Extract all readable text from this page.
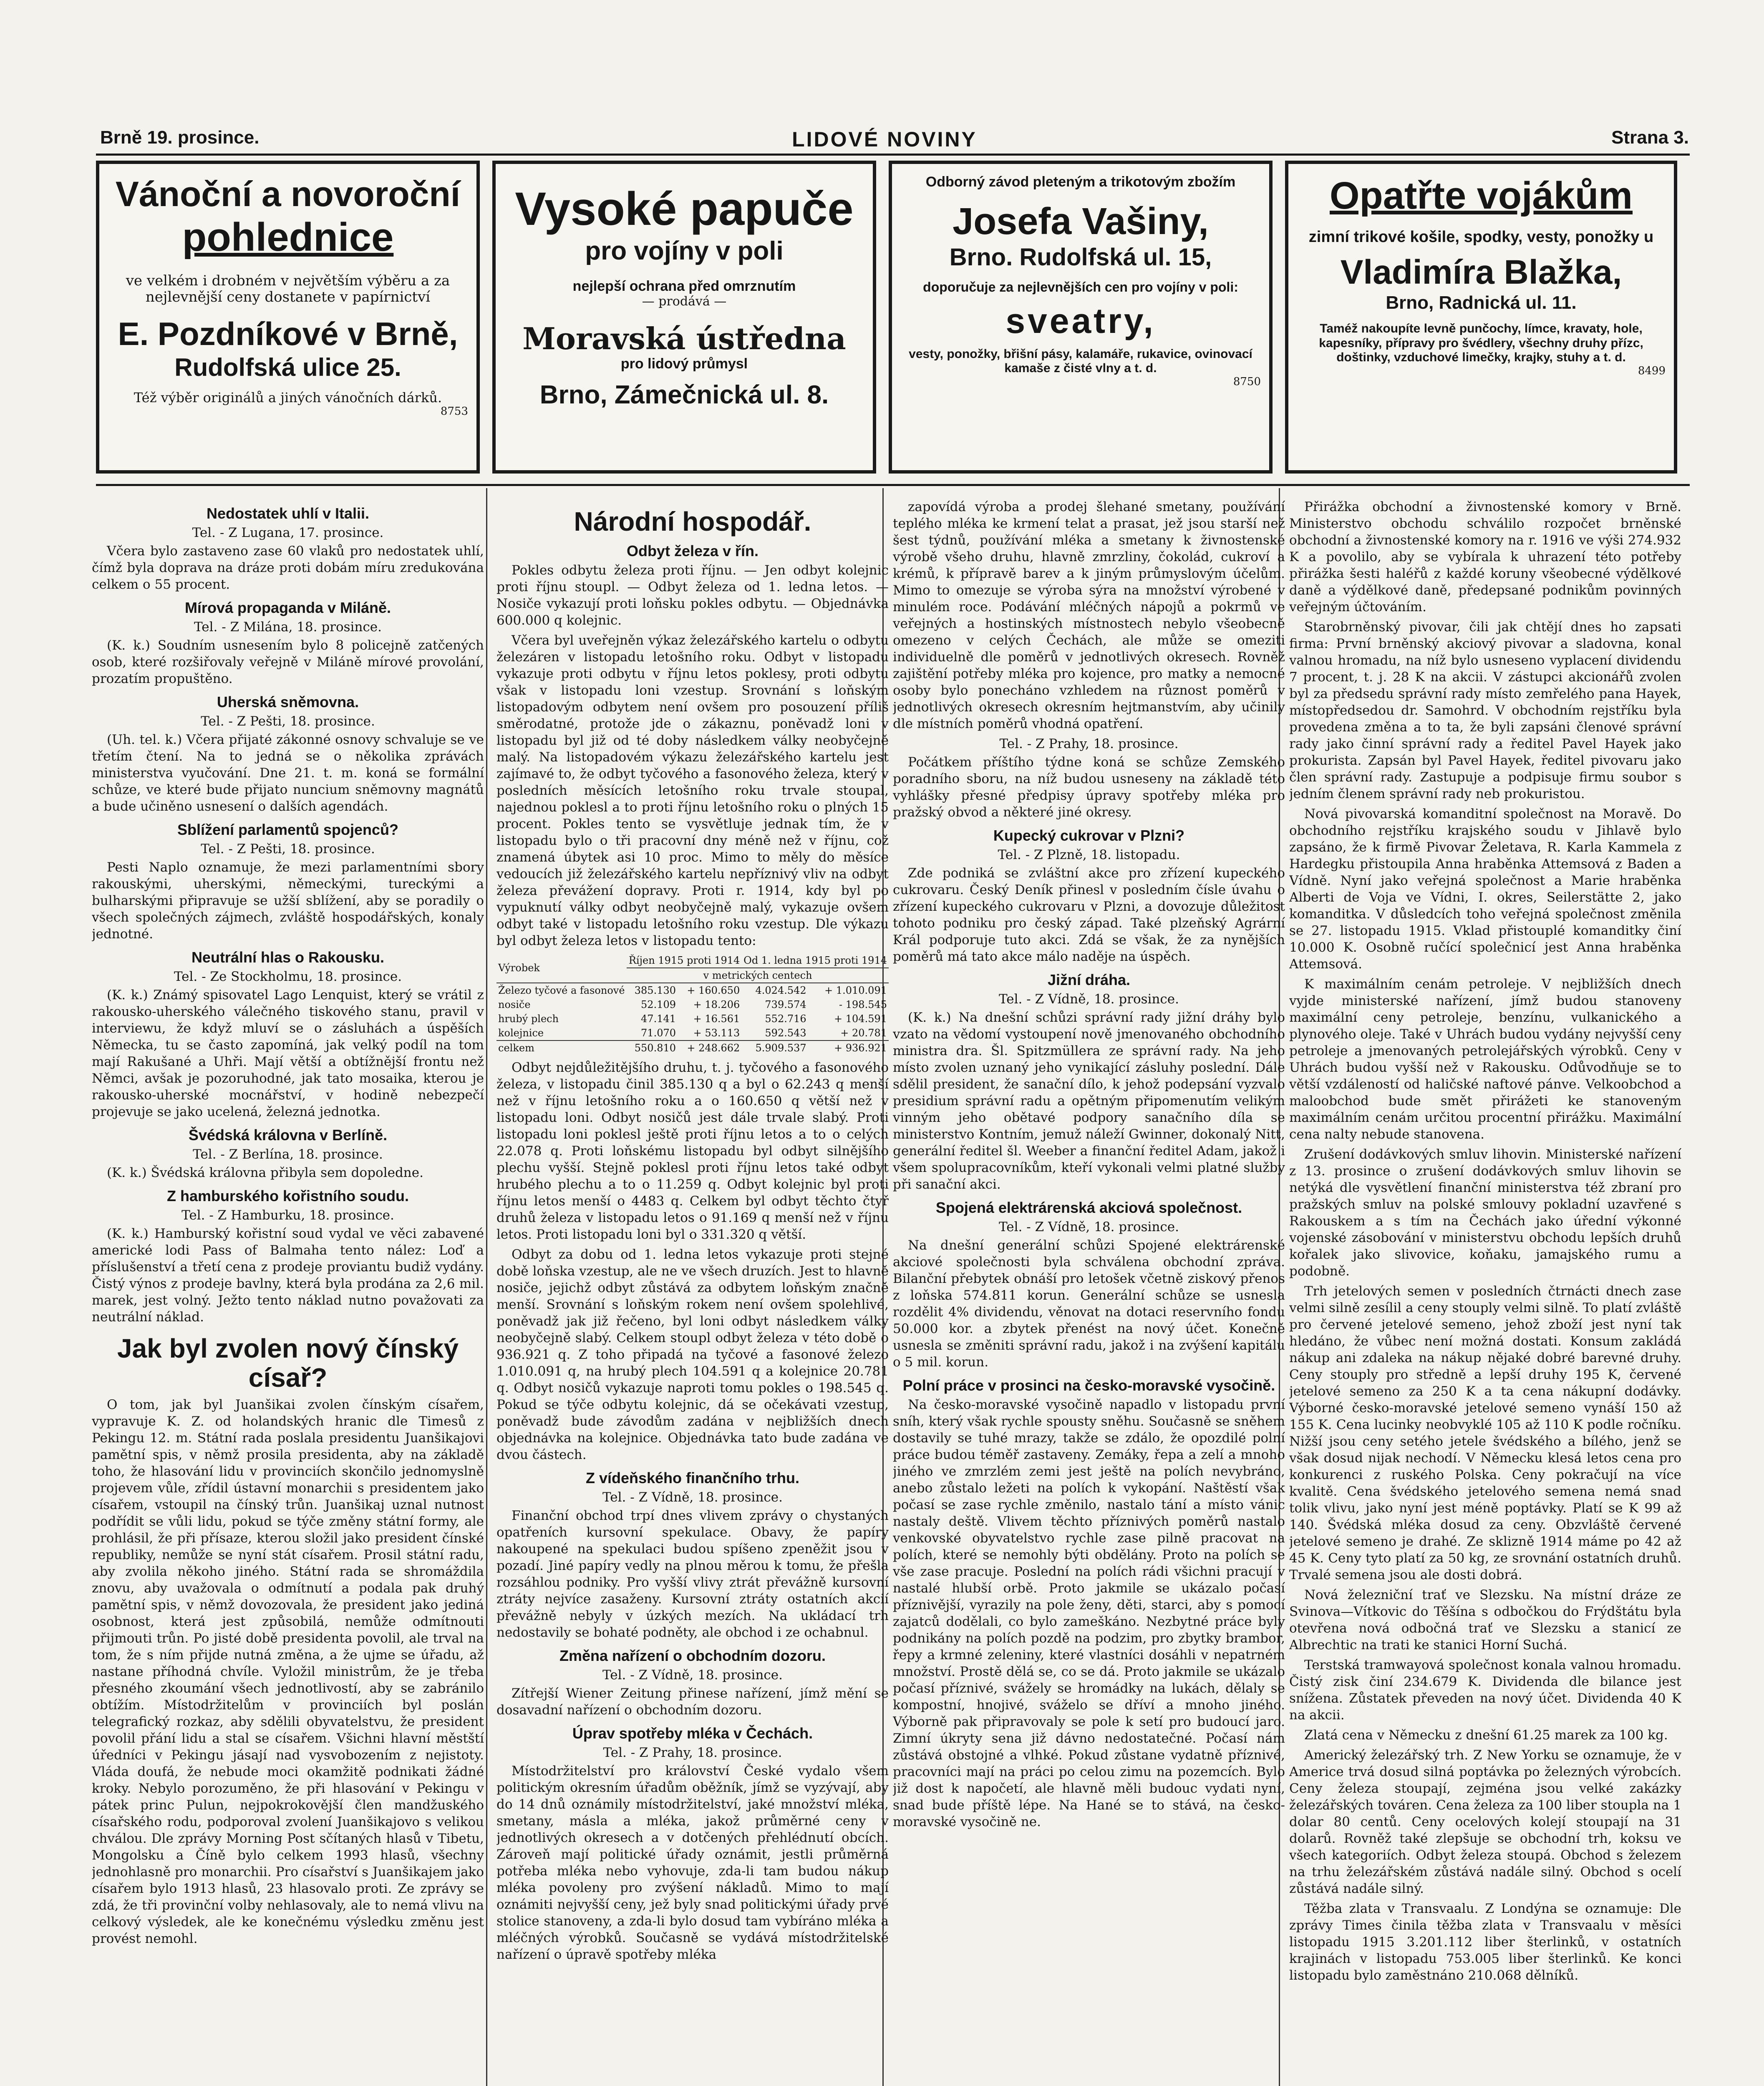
Brně 19. prosince.	LIDOVÉ NOVINY	Strana 3.
Vánoční a novoroční
pohlednice
ve velkém i drobném v největším výběru a za nejlevnější ceny dostanete v papírnictví
E. Pozdníkové v Brně,
Rudolfská ulice 25.
Též výběr originálů a jiných vánočních dárků.
8753
Vysoké papuče
pro vojíny v poli
nejlepší ochrana před omrznutím
— prodává —
Moravská ústředna
pro lidový průmysl
Brno, Zámečnická ul. 8.
Odborný závod pleteným a trikotovým zbožím
Josefa Vašiny,
Brno. Rudolfská ul. 15,
doporučuje za nejlevnějších cen pro vojíny v poli:
sveatry,
vesty, ponožky, břišní pásy, kalamáře, rukavice, ovinovací kamaše z čisté vlny a t. d.
8750
Opatřte vojákům
zimní trikové košile, spodky, vesty, ponožky u
Vladimíra Blažka,
Brno, Radnická ul. 11.
Taméž nakoupíte levně punčochy, límce, kravaty, hole, kapesníky, přípravy pro švédlery, všechny druhy přízc, doštinky, vzduchové limečky, krajky, stuhy a t. d.
8499
Nedostatek uhlí v Italii.
Tel. - Z Lugana, 17. prosince.

Včera bylo zastaveno zase 60 vlaků pro nedostatek uhlí, čímž byla doprava na dráze proti dobám míru zredukována celkem o 55 procent.

Mírová propaganda v Miláně.
Tel. - Z Milána, 18. prosince.

(K. k.) Soudním usnesením bylo 8 policejně zatčených osob, které rozšiřovaly veřejně v Miláně mírové provolání, prozatím propuštěno.

Uherská sněmovna.
Tel. - Z Pešti, 18. prosince.

(Uh. tel. k.) Včera přijaté zákonné osnovy schvaluje se ve třetím čtení. Na to jedná se o několika zprávách ministerstva vyučování. Dne 21. t. m. koná se formální schůze, ve které bude přijato nuncium sněmovny magnátů a bude učiněno usnesení o dalších agendách.

Sblížení parlamentů spojenců?
Tel. - Z Pešti, 18. prosince.

Pesti Naplo oznamuje, že mezi parlamentními sbory rakouskými, uherskými, německými, tureckými a bulharskými připravuje se užší sblížení, aby se poradily o všech společných zájmech, zvláště hospodářských, konaly jednotné.

Neutrální hlas o Rakousku.
Tel. - Ze Stockholmu, 18. prosince.

(K. k.) Známý spisovatel Lago Lenquist, který se vrátil z rakousko-uherského válečného tiskového stanu, pravil v interviewu, že když mluví se o zásluhách a úspěších Německa, tu se často zapomíná, jak velký podíl na tom mají Rakušané a Uhři. Mají větší a obtížnější frontu než Němci, avšak je pozoruhodné, jak tato mosaika, kterou je rakousko-uherské mocnářství, v hodině nebezpečí projevuje se jako ucelená, železná jednotka.

Švédská královna v Berlíně.
Tel. - Z Berlína, 18. prosince.

(K. k.) Švédská královna přibyla sem dopoledne.

Z hamburského kořistního soudu.
Tel. - Z Hamburku, 18. prosince.

(K. k.) Hamburský kořistní soud vydal ve věci zabavené americké lodi Pass of Balmaha tento nález: Loď a příslušenství a třetí cena z prodeje proviantu budiž vydány. Čistý výnos z prodeje bavlny, která byla prodána za 2,6 mil. marek, jest volný. Ježto tento náklad nutno považovati za neutrální náklad.

Jak byl zvolen nový čínský císař?

O tom, jak byl Juanšikai zvolen čínským císařem, vypravuje K. Z. od holandských hranic dle Timesů z Pekingu 12. m. Státní rada poslala presidentu Juanšikajovi pamětní spis, v němž prosila presidenta, aby na základě toho, že hlasování lidu v provinciích skončilo jednomyslně projevem vůle, zřídil ústavní monarchii s presidentem jako císařem, vstoupil na čínský trůn. Juanšikaj uznal nutnost podřídit se vůli lidu, pokud se týče změny státní formy, ale prohlásil, že při přísaze, kterou složil jako president čínské republiky, nemůže se nyní stát císařem. Prosil státní radu, aby zvolila někoho jiného. Státní rada se shromáždila znovu, aby uvažovala o odmítnutí a podala pak druhý pamětní spis, v němž dovozovala, že president jako jediná osobnost, která jest způsobilá, nemůže odmítnouti přijmouti trůn. Po jisté době presidenta povolil, ale trval na tom, že s ním přijde nutná změna, a že ujme se úřadu, až nastane příhodná chvíle. Vyložil ministrům, že je třeba přesného zkoumání všech jednotlivostí, aby se zabránilo obtížím. Místodržitelům v provinciích byl poslán telegrafický rozkaz, aby sdělili obyvatelstvu, že president povolil přání lidu a stal se císařem. Všichni hlavní městští úředníci v Pekingu jásají nad vysvobozením z nejistoty. Vláda doufá, že nebude moci okamžitě podnikati žádné kroky. Nebylo porozuměno, že při hlasování v Pekingu v pátek princ Pulun, nejpokrokovější člen mandžuského císařského rodu, podporoval zvolení Juanšikajovo s velikou chválou. Dle zprávy Morning Post sčítaných hlasů v Tibetu, Mongolsku a Číně bylo celkem 1993 hlasů, všechny jednohlasně pro monarchii. Pro císařství s Juanšikajem jako císařem bylo 1913 hlasů, 23 hlasovalo proti. Ze zprávy se zdá, že tři provinční volby nehlasovaly, ale to nemá vlivu na celkový výsledek, ale ke konečnému výsledku změnu jest provést nemohl.

Národní hospodář.
Odbyt železa v řín.

Pokles odbytu železa proti říjnu. — Jen odbyt kolejnic proti říjnu stoupl. — Odbyt železa od 1. ledna letos. — Nosiče vykazují proti loňsku pokles odbytu. — Objednávka 600.000 q kolejnic.

Včera byl uveřejněn výkaz železářského kartelu o odbytu železáren v listopadu letošního roku. Odbyt v listopadu vykazuje proti odbytu v říjnu letos poklesy, proti odbytu však v listopadu loni vzestup. Srovnání s loňským listopadovým odbytem není ovšem pro posouzení příliš směrodatné, protože jde o zákaznu, poněvadž loni v listopadu byl již od té doby následkem války neobyčejně malý. Na listopadovém výkazu železářského kartelu jest zajímavé to, že odbyt tyčového a fasonového železa, který v posledních měsících letošního roku trvale stoupal, najednou poklesl a to proti říjnu letošního roku o plných 15 procent. Pokles tento se vysvětluje jednak tím, že v listopadu bylo o tři pracovní dny méně než v říjnu, což znamená úbytek asi 10 proc. Mimo to měly do měsíce vedoucích již železářského kartelu nepříznivý vliv na odbyt železa převážení dopravy. Proti r. 1914, kdy byl po vypuknutí války odbyt neobyčejně malý, vykazuje ovšem odbyt také v listopadu letošního roku vzestup. Dle výkazu byl odbyt železa letos v listopadu tento:

Výrobek	Říjen 1915 proti 1914		Od 1. ledna 1915 proti 1914	
	v metrických centech			
Železo tyčové a fasonové	385.130	+ 160.650	4.024.542	+ 1.010.091
nosiče	52.109	+ 18.206	739.574	- 198.545
hrubý plech	47.141	+ 16.561	552.716	+ 104.591
kolejnice	71.070	+ 53.113	592.543	+ 20.781
celkem	550.810	+ 248.662	5.909.537	+ 936.921

Odbyt nejdůležitějšího druhu, t. j. tyčového a fasonového železa, v listopadu činil 385.130 q a byl o 62.243 q menší než v říjnu letošního roku a o 160.650 q větší než v listopadu loni. Odbyt nosičů jest dále trvale slabý. Proti listopadu loni poklesl ještě proti říjnu letos a to o celých 22.078 q. Proti loňskému listopadu byl odbyt silnějšího plechu vyšší. Stejně poklesl proti říjnu letos také odbyt hrubého plechu a to o 11.259 q. Odbyt kolejnic byl proti říjnu letos menší o 4483 q. Celkem byl odbyt těchto čtyř druhů železa v listopadu letos o 91.169 q menší než v říjnu letos. Proti listopadu loni byl o 331.320 q větší.

Odbyt za dobu od 1. ledna letos vykazuje proti stejné době loňska vzestup, ale ne ve všech druzích. Jest to hlavně nosiče, jejichž odbyt zůstává za odbytem loňským značně menší. Srovnání s loňským rokem není ovšem spolehlivé, poněvadž jak již řečeno, byl loni odbyt následkem války neobyčejně slabý. Celkem stoupl odbyt železa v této době o 936.921 q. Z toho připadá na tyčové a fasonové železo 1.010.091 q, na hrubý plech 104.591 q a kolejnice 20.781 q. Odbyt nosičů vykazuje naproti tomu pokles o 198.545 q. Pokud se týče odbytu kolejnic, dá se očekávati vzestup, poněvadž bude závodům zadána v nejbližších dnech objednávka na kolejnice. Objednávka tato bude zadána ve dvou částech.

Z vídeňského finančního trhu.
Tel. - Z Vídně, 18. prosince.

Finanční obchod trpí dnes vlivem zprávy o chystaných opatřeních kursovní spekulace. Obavy, že papíry nakoupené na spekulaci budou spíšeno zpeněžit jsou v pozadí. Jiné papíry vedly na plnou měrou k tomu, že přešla rozsáhlou podniky. Pro vyšší vlivy ztrát převážně kursovní ztráty nejvíce zasaženy. Kursovní ztráty ostatních akcií převážně nebyly v úzkých mezích. Na ukládací trh nedostavily se bohaté podněty, ale obchod i ze ochabnul.

Změna nařízení o obchodním dozoru.
Tel. - Z Vídně, 18. prosince.

Zítřejší Wiener Zeitung přinese nařízení, jímž mění se dosavadní nařízení o obchodním dozoru.

Úprav spotřeby mléka v Čechách.
Tel. - Z Prahy, 18. prosince.

Místodržitelství pro království České vydalo všem politickým okresním úřadům oběžník, jímž se vyzývají, aby do 14 dnů oznámily místodržitelství, jaké množství mléka, smetany, másla a mléka, jakož průměrné ceny v jednotlivých okresech a v dotčených přehlédnutí obcích. Zároveň mají politické úřady oznámit, jestli průměrná potřeba mléka nebo vyhovuje, zda-li tam budou nákup mléka povoleny pro zvýšení nákladů. Mimo to mají oznámiti nejvyšší ceny, jež byly snad politickými úřady prvé stolice stanoveny, a zda-li bylo dosud tam vybíráno mléka a mléčných výrobků. Současně se vydává místodržitelské nařízení o úpravě spotřeby mléka

zapovídá výroba a prodej šlehané smetany, používání teplého mléka ke krmení telat a prasat, jež jsou starší než šest týdnů, používání mléka a smetany k živnostenské výrobě všeho druhu, hlavně zmrzliny, čokolád, cukroví a krémů, k přípravě barev a k jiným průmyslovým účelům. Mimo to omezuje se výroba sýra na množství výrobené v minulém roce. Podávání mléčných nápojů a pokrmů ve veřejných a hostinských místnostech nebylo všeobecně omezeno v celých Čechách, ale může se omeziti individuelně dle poměrů v jednotlivých okresech. Rovněž zajištění potřeby mléka pro kojence, pro matky a nemocné osoby bylo ponecháno vzhledem na různost poměrů v jednotlivých okresech okresním hejtmanstvím, aby učinily dle místních poměrů vhodná opatření.

Tel. - Z Prahy, 18. prosince.

Počátkem příštího týdne koná se schůze Zemského poradního sboru, na níž budou usneseny na základě této vyhlášky přesné předpisy úpravy spotřeby mléka pro pražský obvod a některé jiné okresy.

Kupecký cukrovar v Plzni?
Tel. - Z Plzně, 18. listopadu.

Zde podniká se zvláštní akce pro zřízení kupeckého cukrovaru. Český Deník přinesl v posledním čísle úvahu o zřízení kupeckého cukrovaru v Plzni, a dovozuje důležitost tohoto podniku pro český západ. Také plzeňský Agrární Král podporuje tuto akci. Zdá se však, že za nynějších poměrů má tato akce málo naděje na úspěch.

Jižní dráha.
Tel. - Z Vídně, 18. prosince.

(K. k.) Na dnešní schůzi správní rady jižní dráhy bylo vzato na vědomí vystoupení nově jmenovaného obchodního ministra dra. Šl. Spitzmüllera ze správní rady. Na jeho místo zvolen uznaný jeho vynikající zásluhy poslední. Dále sdělil president, že sanační dílo, k jehož podepsání vyzvalo presidium správní radu a opětným připomenutím velikým vinným jeho obětavé podpory sanačního díla se ministerstvo Kontním, jemuž náleží Gwinner, dokonalý Nitt, generální ředitel šl. Weeber a finanční ředitel Adam, jakož i všem spolupracovníkům, kteří vykonali velmi platné služby při sanační akci.

Spojená elektrárenská akciová společnost.
Tel. - Z Vídně, 18. prosince.

Na dnešní generální schůzi Spojené elektrárenské akciové společnosti byla schválena obchodní zpráva. Bilanční přebytek obnáší pro letošek včetně ziskový přenos z loňska 574.811 korun. Generální schůze se usnesla rozdělit 4% dividendu, věnovat na dotaci reservního fondu 50.000 kor. a zbytek přenést na nový účet. Konečně usnesla se změniti správní radu, jakož i na zvýšení kapitálu o 5 mil. korun.

Polní práce v prosinci na česko-moravské vysočině.

Na česko-moravské vysočině napadlo v listopadu první sníh, který však rychle spousty sněhu. Současně se sněhem dostavily se tuhé mrazy, takže se zdálo, že opozdilé polní práce budou téměř zastaveny. Zemáky, řepa a zelí a mnoho jiného ve zmrzlém zemi jest ještě na polích nevybráno, anebo zůstalo ležeti na polích k vykopání. Naštěstí však počasí se zase rychle změnilo, nastalo tání a místo vánic nastaly deště. Vlivem těchto příznivých poměrů nastalo venkovské obyvatelstvo rychle zase pilně pracovat na polích, které se nemohly býti obdělány. Proto na polích se vše zase pracuje. Poslední na polích rádi všichni pracují v nastalé hlubší orbě. Proto jakmile se ukázalo počasí příznivější, vyrazily na pole ženy, děti, starci, aby s pomocí zajatců dodělali, co bylo zameškáno. Nezbytné práce byly podnikány na polích pozdě na podzim, pro zbytky brambor, řepy a krmné zeleniny, které vlastníci dosáhli v nepatrném množství. Prostě dělá se, co se dá. Proto jakmile se ukázalo počasí příznivé, svážely se hromádky na lukách, dělaly se kompostní, hnojivé, sváželo se dříví a mnoho jiného. Výborně pak připravovaly se pole k setí pro budoucí jaro. Zimní úkryty sena již dávno nedostatečné. Počasí nám zůstává obstojné a vlhké. Pokud zůstane vydatně příznivé, pracovníci mají na práci po celou zimu na pozemcích. Bylo již dost k napočetí, ale hlavně měli budouc vydati nyní, snad bude příště lépe. Na Hané se to stává, na česko-moravské vysočině ne.

Přirážka obchodní a živnostenské komory v Brně. Ministerstvo obchodu schválilo rozpočet brněnské obchodní a živnostenské komory na r. 1916 ve výši 274.932 K a povolilo, aby se vybírala k uhrazení této potřeby přirážka šesti haléřů z každé koruny všeobecné výdělkové daně a výdělkové daně, předepsané podnikům povinných veřejným účtováním.

Starobrněnský pivovar, čili jak chtějí dnes ho zapsati firma: První brněnský akciový pivovar a sladovna, konal valnou hromadu, na níž bylo usneseno vyplacení dividendu 7 procent, t. j. 28 K na akcii. V zástupci akcionářů zvolen byl za předsedu správní rady místo zemřelého pana Hayek, místopředsedou dr. Samohrd. V obchodním rejstříku byla provedena změna a to ta, že byli zapsáni členové správní rady jako činní správní rady a ředitel Pavel Hayek jako prokurista. Zapsán byl Pavel Hayek, ředitel pivovaru jako člen správní rady. Zastupuje a podpisuje firmu soubor s jedním členem správní rady neb prokuristou.

Nová pivovarská komanditní společnost na Moravě. Do obchodního rejstříku krajského soudu v Jihlavě bylo zapsáno, že k firmě Pivovar Želetava, R. Karla Kammela z Hardegku přistoupila Anna hraběnka Attemsová z Baden a Vídně. Nyní jako veřejná společnost a Marie hraběnka Alberti de Voja ve Vídni, I. okres, Seilerstätte 2, jako komanditka. V důsledcích toho veřejná společnost změnila se 27. listopadu 1915. Vklad přistouplé komanditky činí 10.000 K. Osobně ručící společnicí jest Anna hraběnka Attemsová.

K maximálním cenám petroleje. V nejbližších dnech vyjde ministerské nařízení, jímž budou stanoveny maximální ceny petroleje, benzínu, vulkanického a plynového oleje. Také v Uhrách budou vydány nejvyšší ceny petroleje a jmenovaných petrolejářských výrobků. Ceny v Uhrách budou vyšší než v Rakousku. Odůvodňuje se to větší vzdáleností od haličské naftové pánve. Velkoobchod a maloobchod bude smět přirážeti ke stanoveným maximálním cenám určitou procentní přirážku. Maximální cena nalty nebude stanovena.

Zrušení dodávkových smluv lihovin. Ministerské nařízení z 13. prosince o zrušení dodávkových smluv lihovin se netýká dle vysvětlení finanční ministerstva též zbraní pro pražských smluv na polské smlouvy pokladní uzavřené s Rakouskem a s tím na Čechách jako úřední výkonné vojenské zásobování v ministerstvu obchodu lepších druhů kořalek jako slivovice, koňaku, jamajského rumu a podobně.

Trh jetelových semen v posledních čtrnácti dnech zase velmi silně zesílil a ceny stouply velmi silně. To platí zvláště pro červené jetelové semeno, jehož zboží jest nyní tak hledáno, že vůbec není možná dostati. Konsum zakládá nákup ani zdaleka na nákup nějaké dobré barevné druhy. Ceny stouply pro středně a lepší druhy 195 K, červené jetelové semeno za 250 K a ta cena nákupní dodávky. Výborné česko-moravské jetelové semeno vynáší 150 až 155 K. Cena lucinky neobvyklé 105 až 110 K podle ročníku. Nižší jsou ceny setého jetele švédského a bílého, jenž se však dosud nijak nechodí. V Německu klesá letos cena pro konkurenci z ruského Polska. Ceny pokračují na více kvalitě. Cena švédského jetelového semena nemá snad tolik vlivu, jako nyní jest méně poptávky. Platí se K 99 až 140. Švédská mléka dosud za ceny. Obzvláště červené jetelové semeno je drahé. Ze sklizně 1914 máme po 42 až 45 K. Ceny tyto platí za 50 kg, ze srovnání ostatních druhů. Trvalé semena jsou ale dosti dobrá.

Nová železniční trať ve Slezsku. Na místní dráze ze Svinova—Vítkovic do Těšína s odbočkou do Frýdštátu byla otevřena nová odbočná trať ve Slezsku a stanicí ze Albrechtic na trati ke stanici Horní Suchá.

Terstská tramwayová společnost konala valnou hromadu. Čistý zisk činí 234.679 K. Dividenda dle bilance jest snížena. Zůstatek převeden na nový účet. Dividenda 40 K na akcii.

Zlatá cena v Německu z dnešní 61.25 marek za 100 kg.

Americký železářský trh. Z New Yorku se oznamuje, že v Americe trvá dosud silná poptávka po železných výrobcích. Ceny železa stoupají, zejména jsou velké zakázky železářských továren. Cena železa za 100 liber stoupla na 1 dolar 80 centů. Ceny ocelových kolejí stoupají na 31 dolarů. Rovněž také zlepšuje se obchodní trh, koksu ve všech kategoriích. Odbyt železa stoupá. Obchod s železem na trhu železářském zůstává nadále silný. Obchod s ocelí zůstává nadále silný.

Těžba zlata v Transvaalu. Z Londýna se oznamuje: Dle zprávy Times činila těžba zlata v Transvaalu v měsíci listopadu 1915 3.201.112 liber šterlinků, v ostatních krajinách v listopadu 753.005 liber šterlinků. Ke konci listopadu bylo zaměstnáno 210.068 dělníků.
